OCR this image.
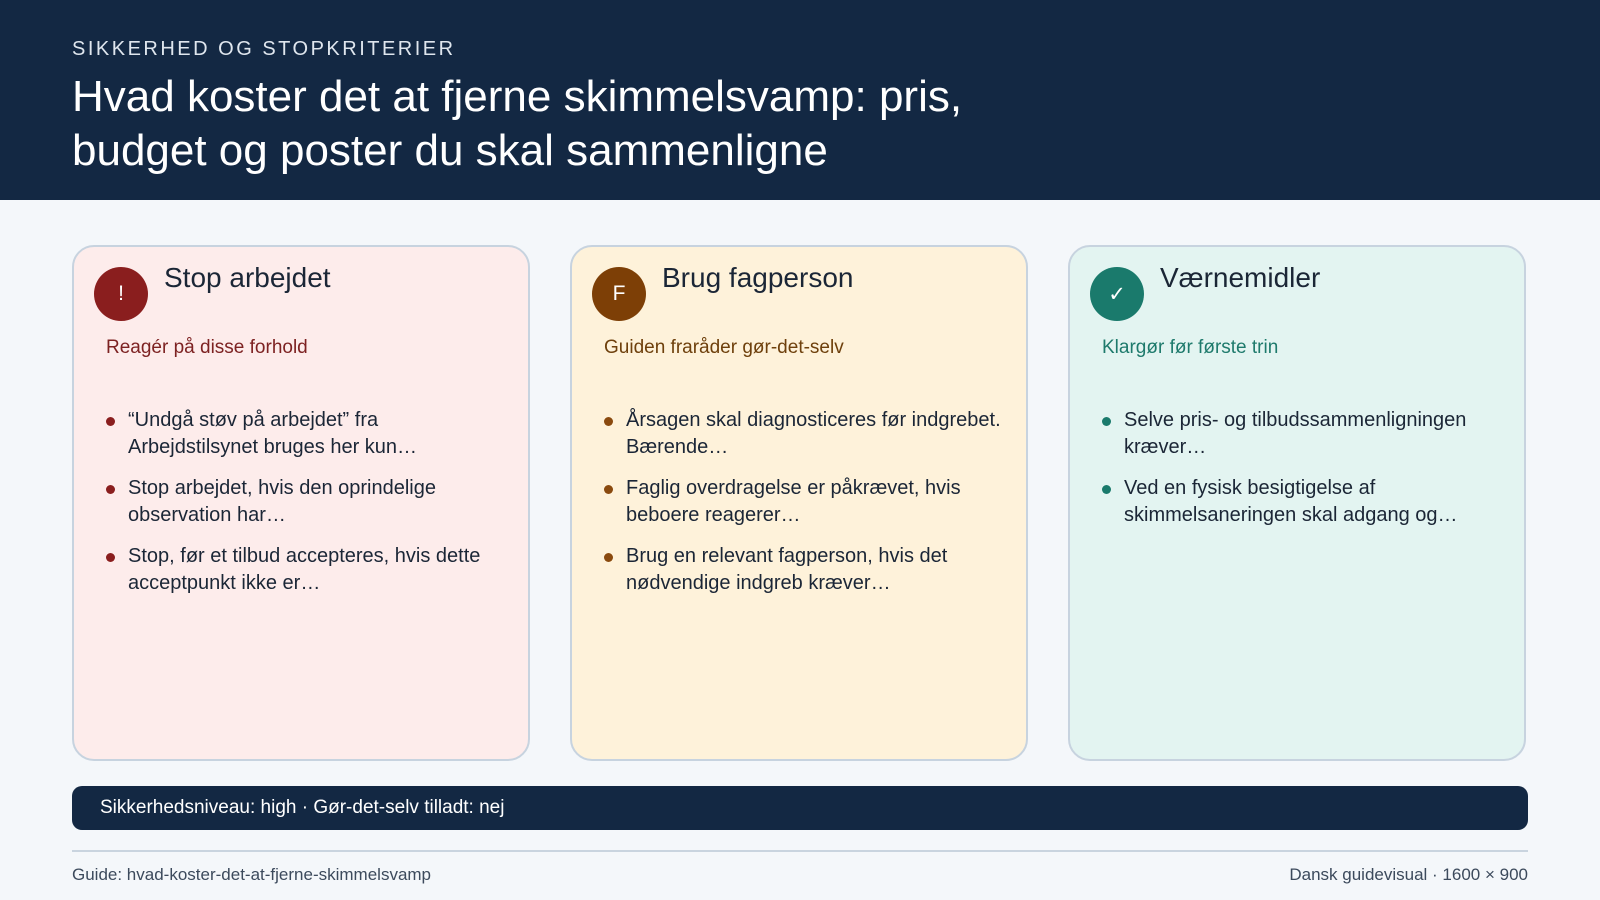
SIKKERHED OG STOPKRITERIER
Hvad koster det at fjerne skimmelsvamp: pris, budget og poster du skal sammenligne
!
Stop arbejdet
Reagér på disse forhold
“Undgå støv på arbejdet” fra Arbejdstilsynet bruges her kun…
Stop arbejdet, hvis den oprindelige observation har…
Stop, før et tilbud accepteres, hvis dette acceptpunkt ikke er…
F
Brug fagperson
Guiden fraråder gør-det-selv
Årsagen skal diagnosticeres før indgrebet. Bærende…
Faglig overdragelse er påkrævet, hvis beboere reagerer…
Brug en relevant fagperson, hvis det nødvendige indgreb kræver…
✓
Værnemidler
Klargør før første trin
Selve pris- og tilbudssammenligningen kræver…
Ved en fysisk besigtigelse af skimmelsaneringen skal adgang og…
Sikkerhedsniveau: high · Gør-det-selv tilladt: nej
Guide: hvad-koster-det-at-fjerne-skimmelsvamp	Dansk guidevisual · 1600 × 900
